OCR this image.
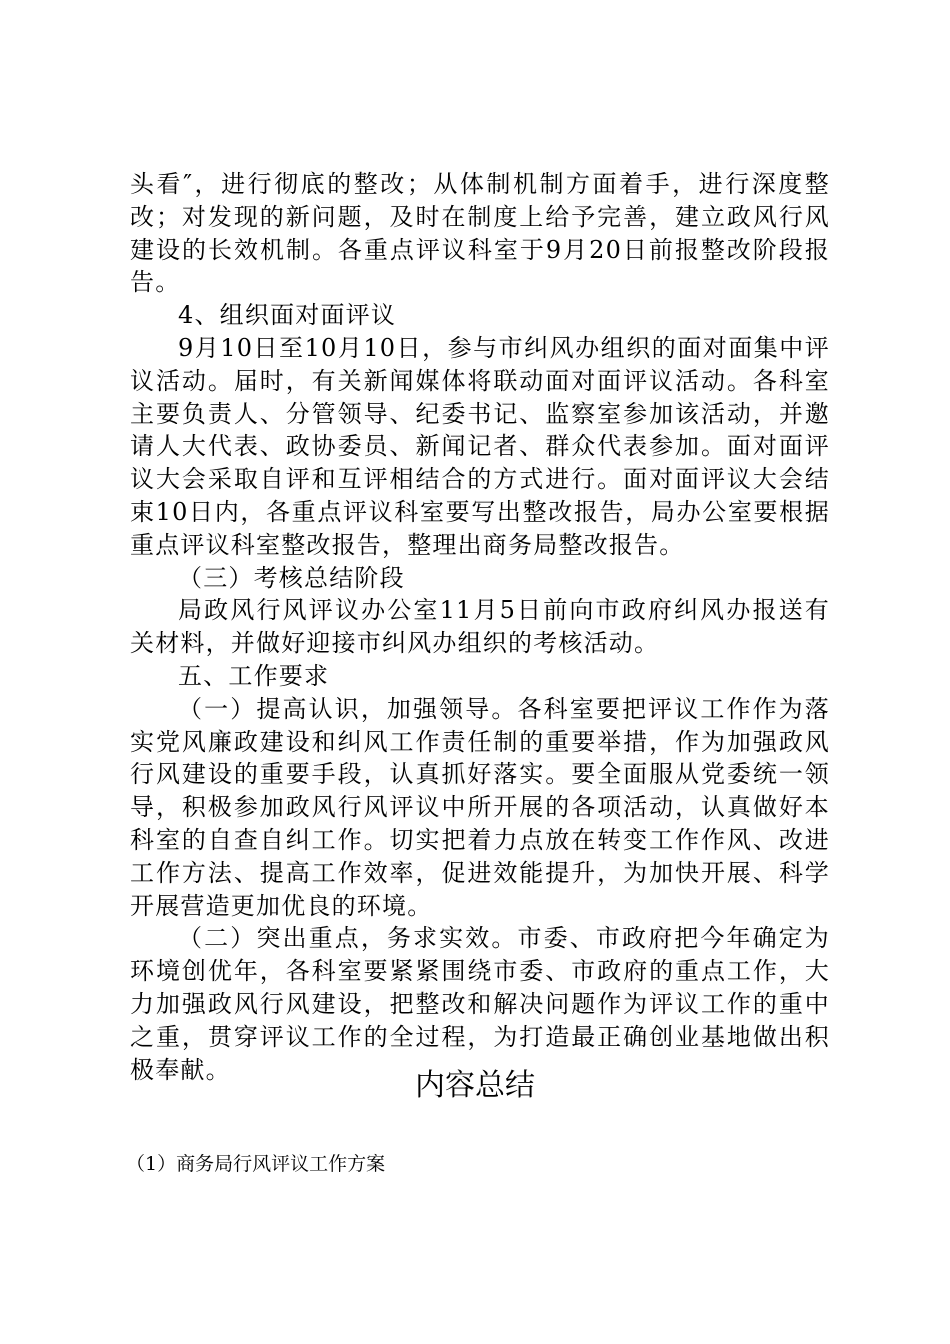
头看″，进行彻底的整改；从体制机制方面着手，进行深度整改；对发现的新问题，及时在制度上给予完善，建立政风行风建设的长效机制。各重点评议科室于9月20日前报整改阶段报告。

4、组织面对面评议

9月10日至10月10日，参与市纠风办组织的面对面集中评议活动。届时，有关新闻媒体将联动面对面评议活动。各科室主要负责人、分管领导、纪委书记、监察室参加该活动，并邀请人大代表、政协委员、新闻记者、群众代表参加。面对面评议大会采取自评和互评相结合的方式进行。面对面评议大会结束10日内，各重点评议科室要写出整改报告，局办公室要根据重点评议科室整改报告，整理出商务局整改报告。

（三）考核总结阶段

局政风行风评议办公室11月5日前向市政府纠风办报送有关材料，并做好迎接市纠风办组织的考核活动。

五、工作要求

（一）提高认识，加强领导。各科室要把评议工作作为落实党风廉政建设和纠风工作责任制的重要举措，作为加强政风行风建设的重要手段，认真抓好落实。要全面服从党委统一领导，积极参加政风行风评议中所开展的各项活动，认真做好本科室的自查自纠工作。切实把着力点放在转变工作作风、改进工作方法、提高工作效率，促进效能提升，为加快开展、科学开展营造更加优良的环境。

（二）突出重点，务求实效。市委、市政府把今年确定为环境创优年，各科室要紧紧围绕市委、市政府的重点工作，大力加强政风行风建设，把整改和解决问题作为评议工作的重中之重，贯穿评议工作的全过程，为打造最正确创业基地做出积极奉献。	内容总结
（1）商务局行风评议工作方案
